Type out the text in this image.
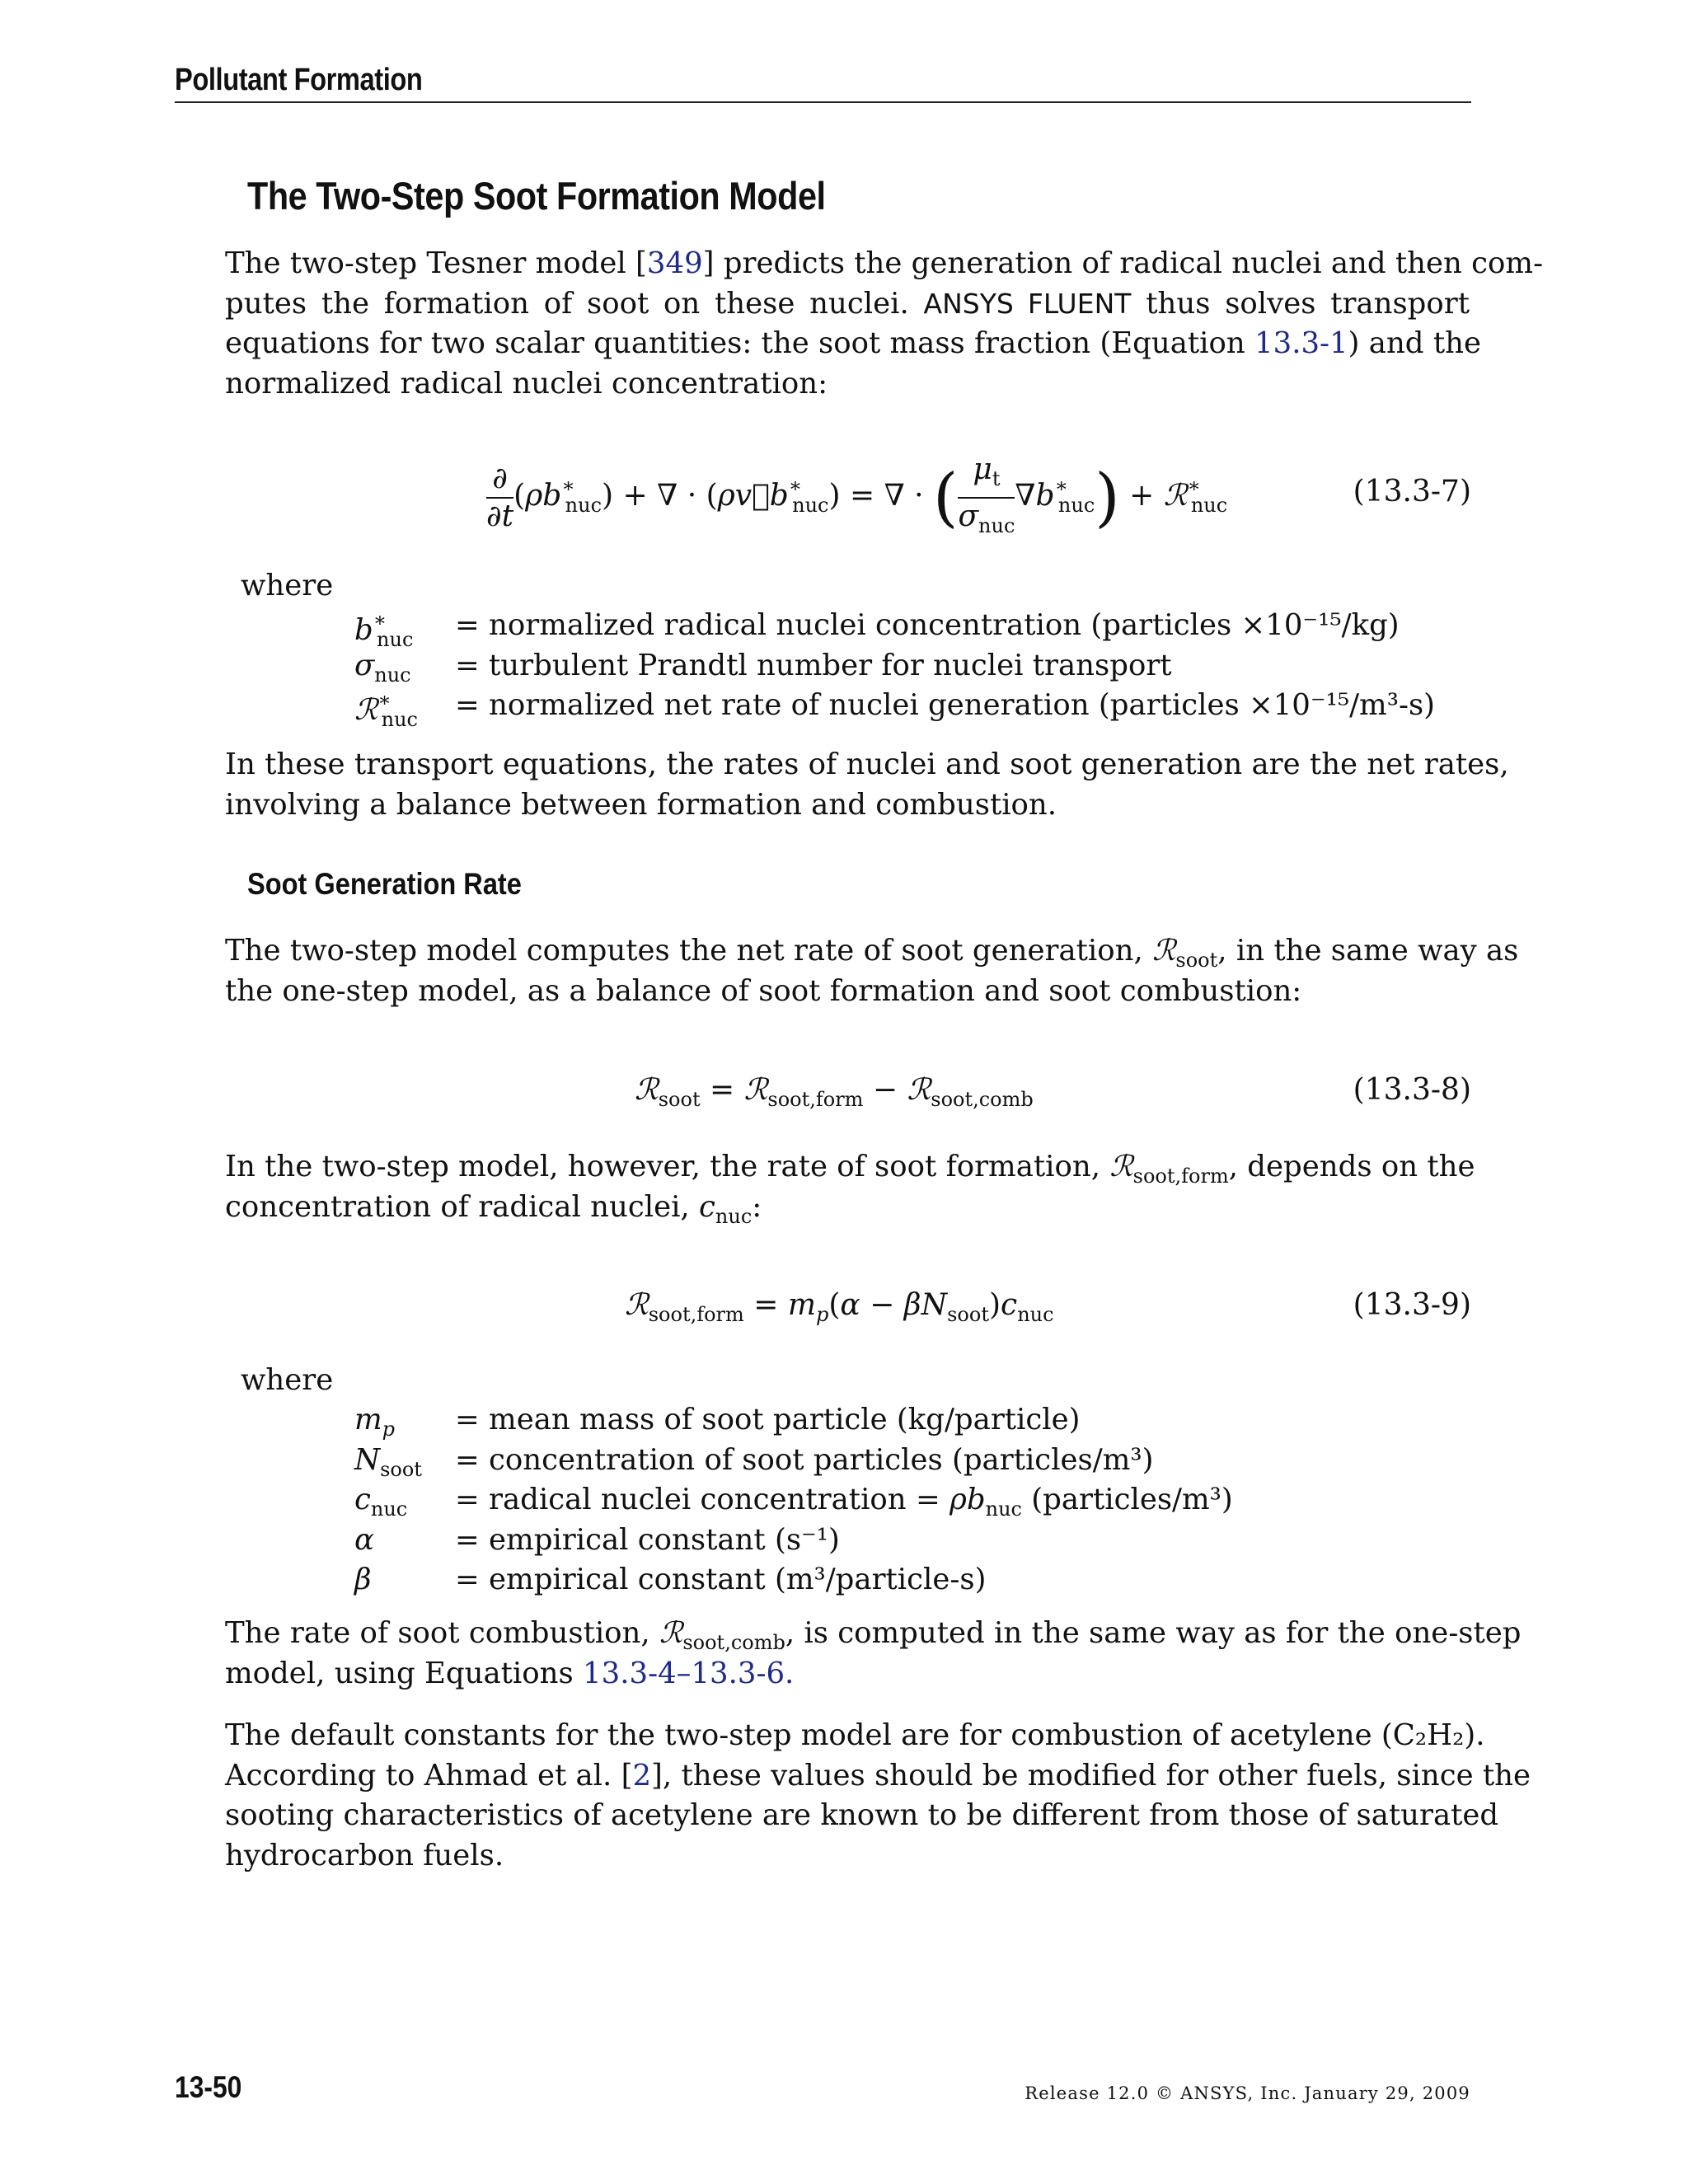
Pollutant Formation
The Two-Step Soot Formation Model
The two-step Tesner model [349] predicts the generation of radical nuclei and then com-
putes the formation of soot on these nuclei. ANSYS FLUENT thus solves transport
equations for two scalar quantities: the soot mass fraction (Equation 13.3-1) and the
normalized radical nuclei concentration:
$\frac{\partial}{\partial t} (\rho b^∗_{nuc})$ + ∇ · $(\rho v⃗b^∗_{nuc})$ = ∇ · ( $\frac{\mu_t}{\sigma_{nuc}} \nabla b^∗_{nuc}$) + ℛ∗$_{nuc}$	(13.3-7)
where
$b^∗_{nuc}$ = normalized radical nuclei concentration (particles ×10⁻¹⁵/kg)
$\sigma_{nuc}$ = turbulent Prandtl number for nuclei transport
ℛ∗$_{nuc}$ = normalized net rate of nuclei generation (particles ×10⁻¹⁵/m³-s)
In these transport equations, the rates of nuclei and soot generation are the net rates,
involving a balance between formation and combustion.
Soot Generation Rate
The two-step model computes the net rate of soot generation, ℛ$_{soot}$, in the same way as
the one-step model, as a balance of soot formation and soot combustion:
ℛ$_{soot}$ = ℛ$_{soot,form}$ − ℛ$_{soot,comb}$	(13.3-8)
In the two-step model, however, the rate of soot formation, ℛ$_{soot,form}$, depends on the
concentration of radical nuclei, $c_{nuc}$:
ℛ$_{soot,form}$ = $m_p(\alpha - \beta N_{soot})c_{nuc}$	(13.3-9)
where
$m_p$ = mean mass of soot particle (kg/particle)
$N_{soot}$ = concentration of soot particles (particles/m³)
$c_{nuc}$ = radical nuclei concentration = $\rho b_{nuc}$ (particles/m³)
α	= empirical constant (s⁻¹)
β	= empirical constant (m³/particle-s)
The rate of soot combustion, ℛ$_{soot,comb}$, is computed in the same way as for the one-step
model, using Equations 13.3-4–13.3-6.
The default constants for the two-step model are for combustion of acetylene (C₂H₂).
According to Ahmad et al. [2], these values should be modified for other fuels, since the
sooting characteristics of acetylene are known to be different from those of saturated
hydrocarbon fuels.
13-50	Release 12.0 © ANSYS, Inc. January 29, 2009
